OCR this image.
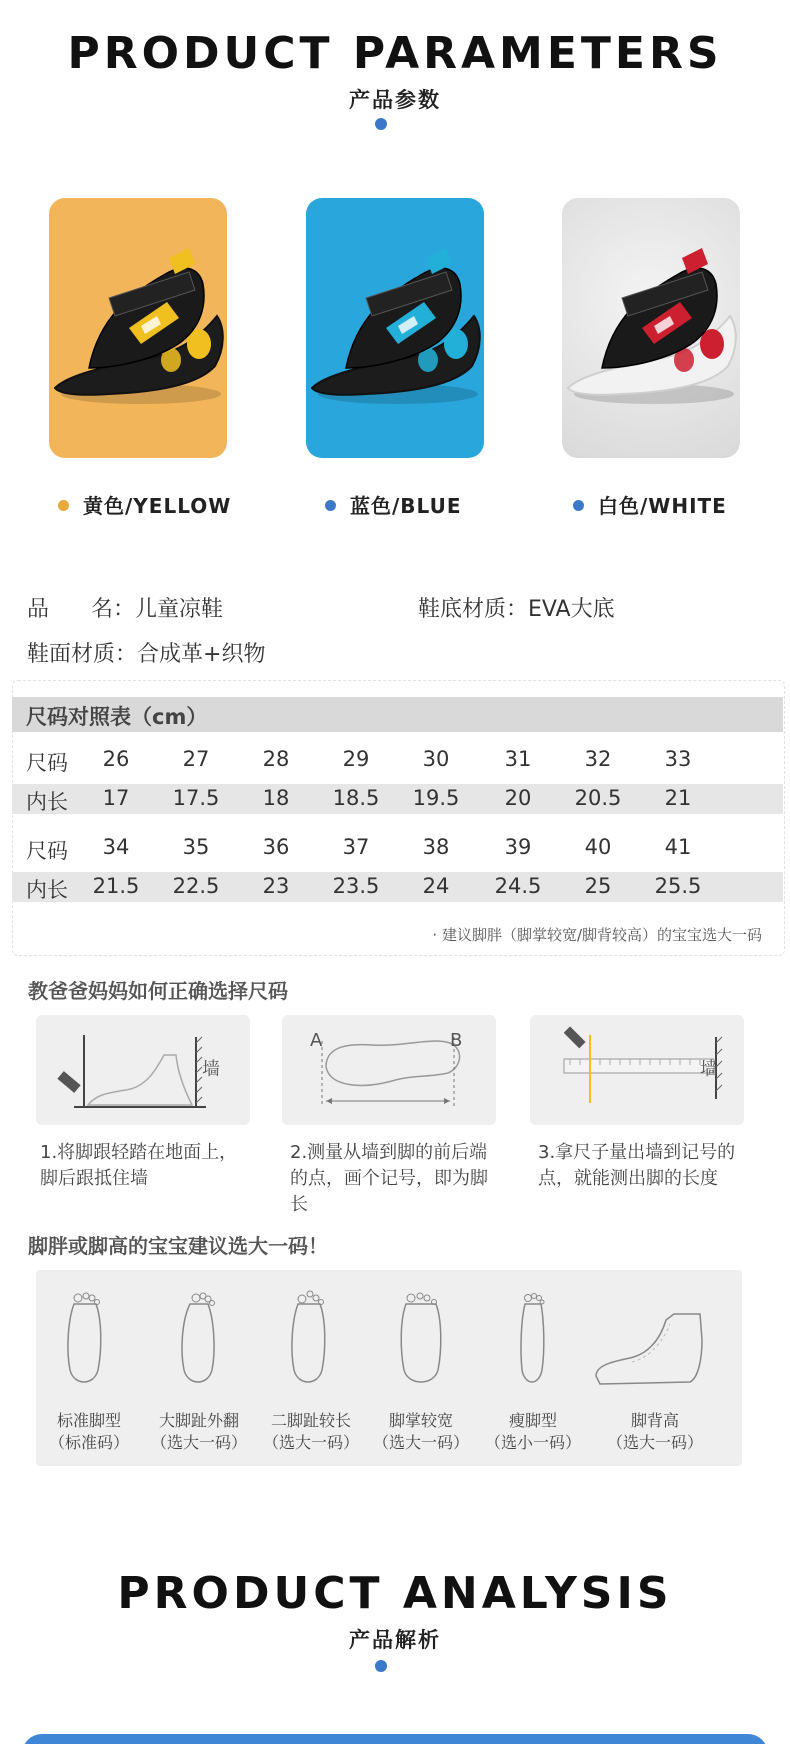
PRODUCT PARAMETERS
产品参数
黄色/YELLOW	蓝色/BLUE	白色/WHITE
品      名：儿童凉鞋	鞋底材质：EVA大底
鞋面材质：合成革+织物
尺码对照表（cm）
尺码	26	27	28	29	30	31	32	33
内长	17	17.5	18	18.5	19.5	20	20.5	21
尺码	34	35	36	37	38	39	40	41
内长	21.5	22.5	23	23.5	24	24.5	25	25.5
· 建议脚胖（脚掌较宽/脚背较高）的宝宝选大一码
教爸爸妈妈如何正确选择尺码
墙
A	B
墙
1.将脚跟轻踏在地面上，脚后跟抵住墙
2.测量从墙到脚的前后端的点，画个记号，即为脚长
3.拿尺子量出墙到记号的点，就能测出脚的长度
脚胖或脚高的宝宝建议选大一码！
标准脚型
（标准码）
大脚趾外翻
（选大一码）
二脚趾较长
（选大一码）
脚掌较宽
（选大一码）
瘦脚型
（选小一码）
脚背高
（选大一码）
PRODUCT ANALYSIS
产品解析
